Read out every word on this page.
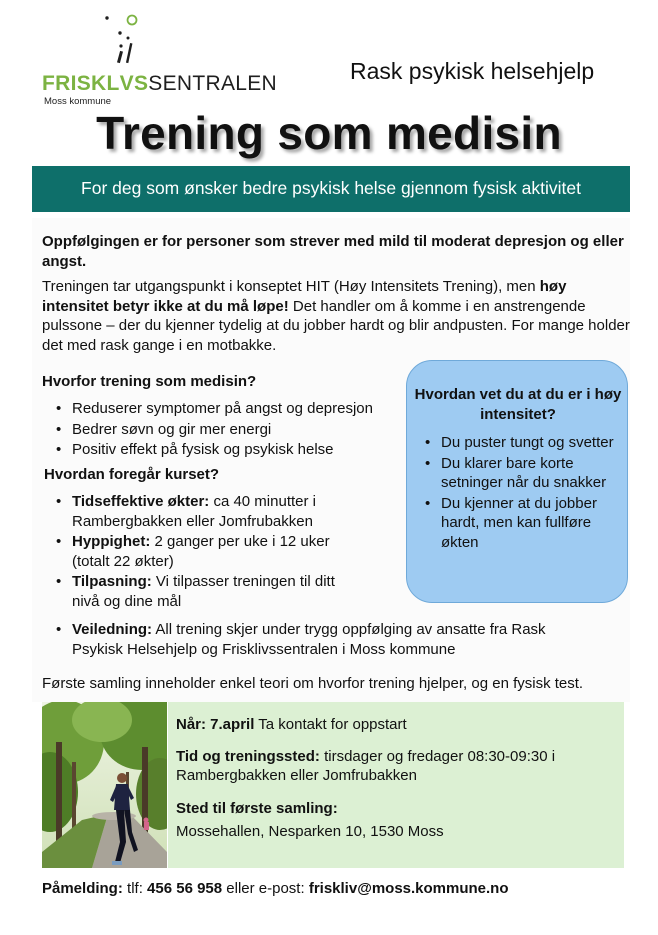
FRISKLVSSENTRALEN
Moss kommune
Rask psykisk helsehjelp
Trening som medisin
For deg som ønsker bedre psykisk helse gjennom fysisk aktivitet
Oppfølgingen er for personer som strever med mild til moderat depresjon og eller angst.
Treningen tar utgangspunkt i konseptet HIT (Høy Intensitets Trening), men høy intensitet betyr ikke at du må løpe! Det handler om å komme i en anstrengende pulssone – der du kjenner tydelig at du jobber hardt og blir andpusten. For mange holder det med rask gange i en motbakke.
Hvorfor trening som medisin?
• Reduserer symptomer på angst og depresjon
• Bedrer søvn og gir mer energi
• Positiv effekt på fysisk og psykisk helse
Hvordan foregår kurset?
• Tidseffektive økter: ca 40 minutter i Rambergbakken eller Jomfrubakken
• Hyppighet: 2 ganger per uke i 12 uker (totalt 22 økter)
• Tilpasning: Vi tilpasser treningen til ditt nivå og dine mål
• Veiledning: All trening skjer under trygg oppfølging av ansatte fra Rask Psykisk Helsehjelp og Frisklivssentralen i Moss kommune
Hvordan vet du at du er i høy intensitet?
• Du puster tungt og svetter
• Du klarer bare korte setninger når du snakker
• Du kjenner at du jobber hardt, men kan fullføre økten
Første samling inneholder enkel teori om hvorfor trening hjelper, og en fysisk test.
Når: 7.april Ta kontakt for oppstart
Tid og treningssted: tirsdager og fredager 08:30-09:30 i Rambergbakken eller Jomfrubakken
Sted til første samling:
Mossehallen, Nesparken 10, 1530 Moss
Påmelding: tlf: 456 56 958 eller e-post: friskliv@moss.kommune.no
